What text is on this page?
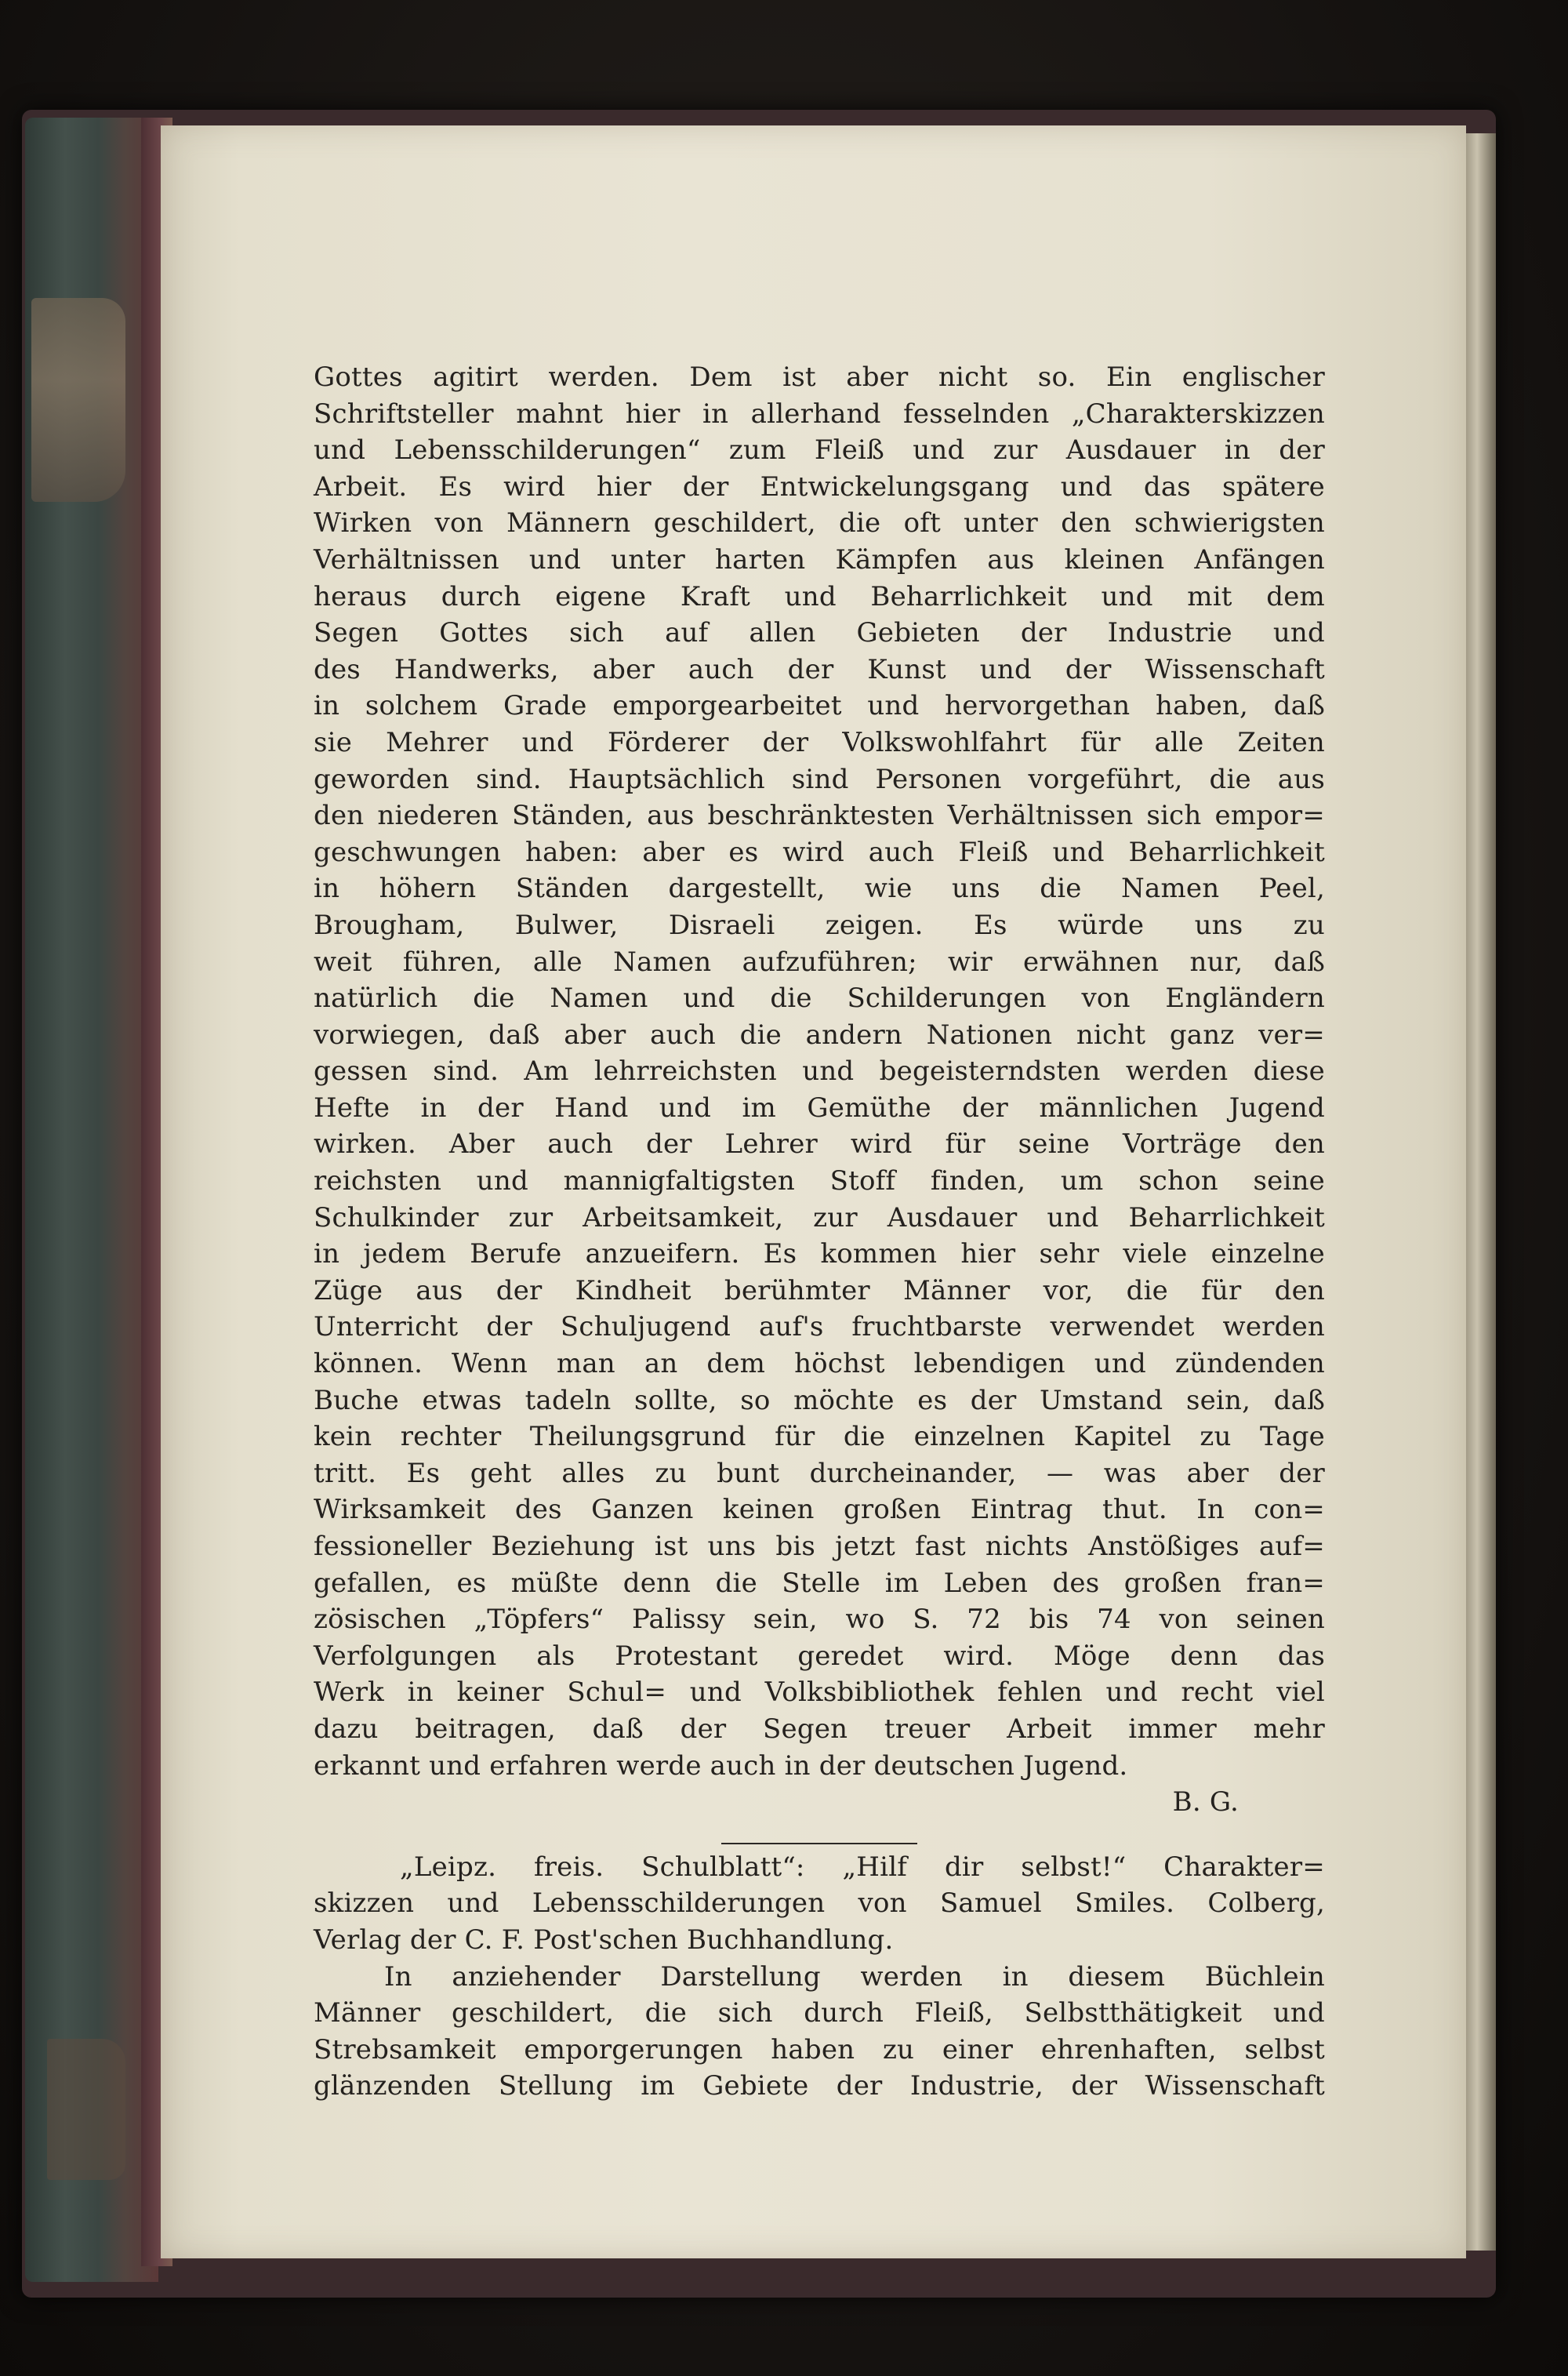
Gottes agitirt werden. Dem ist aber nicht so. Ein englischer
Schriftsteller mahnt hier in allerhand fesselnden „Charakterskizzen
und Lebensschilderungen“ zum Fleiß und zur Ausdauer in der
Arbeit. Es wird hier der Entwickelungsgang und das spätere
Wirken von Männern geschildert, die oft unter den schwierigsten
Verhältnissen und unter harten Kämpfen aus kleinen Anfängen
heraus durch eigene Kraft und Beharrlichkeit und mit dem
Segen Gottes sich auf allen Gebieten der Industrie und
des Handwerks, aber auch der Kunst und der Wissenschaft
in solchem Grade emporgearbeitet und hervorgethan haben, daß
sie Mehrer und Förderer der Volkswohlfahrt für alle Zeiten
geworden sind. Hauptsächlich sind Personen vorgeführt, die aus
den niederen Ständen, aus beschränktesten Verhältnissen sich empor=
geschwungen haben: aber es wird auch Fleiß und Beharrlichkeit
in höhern Ständen dargestellt, wie uns die Namen Peel,
Brougham, Bulwer, Disraeli zeigen. Es würde uns zu
weit führen, alle Namen aufzuführen; wir erwähnen nur, daß
natürlich die Namen und die Schilderungen von Engländern
vorwiegen, daß aber auch die andern Nationen nicht ganz ver=
gessen sind. Am lehrreichsten und begeisterndsten werden diese
Hefte in der Hand und im Gemüthe der männlichen Jugend
wirken. Aber auch der Lehrer wird für seine Vorträge den
reichsten und mannigfaltigsten Stoff finden, um schon seine
Schulkinder zur Arbeitsamkeit, zur Ausdauer und Beharrlichkeit
in jedem Berufe anzueifern. Es kommen hier sehr viele einzelne
Züge aus der Kindheit berühmter Männer vor, die für den
Unterricht der Schuljugend auf's fruchtbarste verwendet werden
können. Wenn man an dem höchst lebendigen und zündenden
Buche etwas tadeln sollte, so möchte es der Umstand sein, daß
kein rechter Theilungsgrund für die einzelnen Kapitel zu Tage
tritt. Es geht alles zu bunt durcheinander, — was aber der
Wirksamkeit des Ganzen keinen großen Eintrag thut. In con=
fessioneller Beziehung ist uns bis jetzt fast nichts Anstößiges auf=
gefallen, es müßte denn die Stelle im Leben des großen fran=
zösischen „Töpfers“ Palissy sein, wo S. 72 bis 74 von seinen
Verfolgungen als Protestant geredet wird. Möge denn das
Werk in keiner Schul= und Volksbibliothek fehlen und recht viel
dazu beitragen, daß der Segen treuer Arbeit immer mehr
erkannt und erfahren werde auch in der deutschen Jugend.
B. G.
„Leipz. freis. Schulblatt“: „Hilf dir selbst!“ Charakter=
skizzen und Lebensschilderungen von Samuel Smiles. Colberg,
Verlag der C. F. Post'schen Buchhandlung.
In anziehender Darstellung werden in diesem Büchlein
Männer geschildert, die sich durch Fleiß, Selbstthätigkeit und
Strebsamkeit emporgerungen haben zu einer ehrenhaften, selbst
glänzenden Stellung im Gebiete der Industrie, der Wissenschaft
